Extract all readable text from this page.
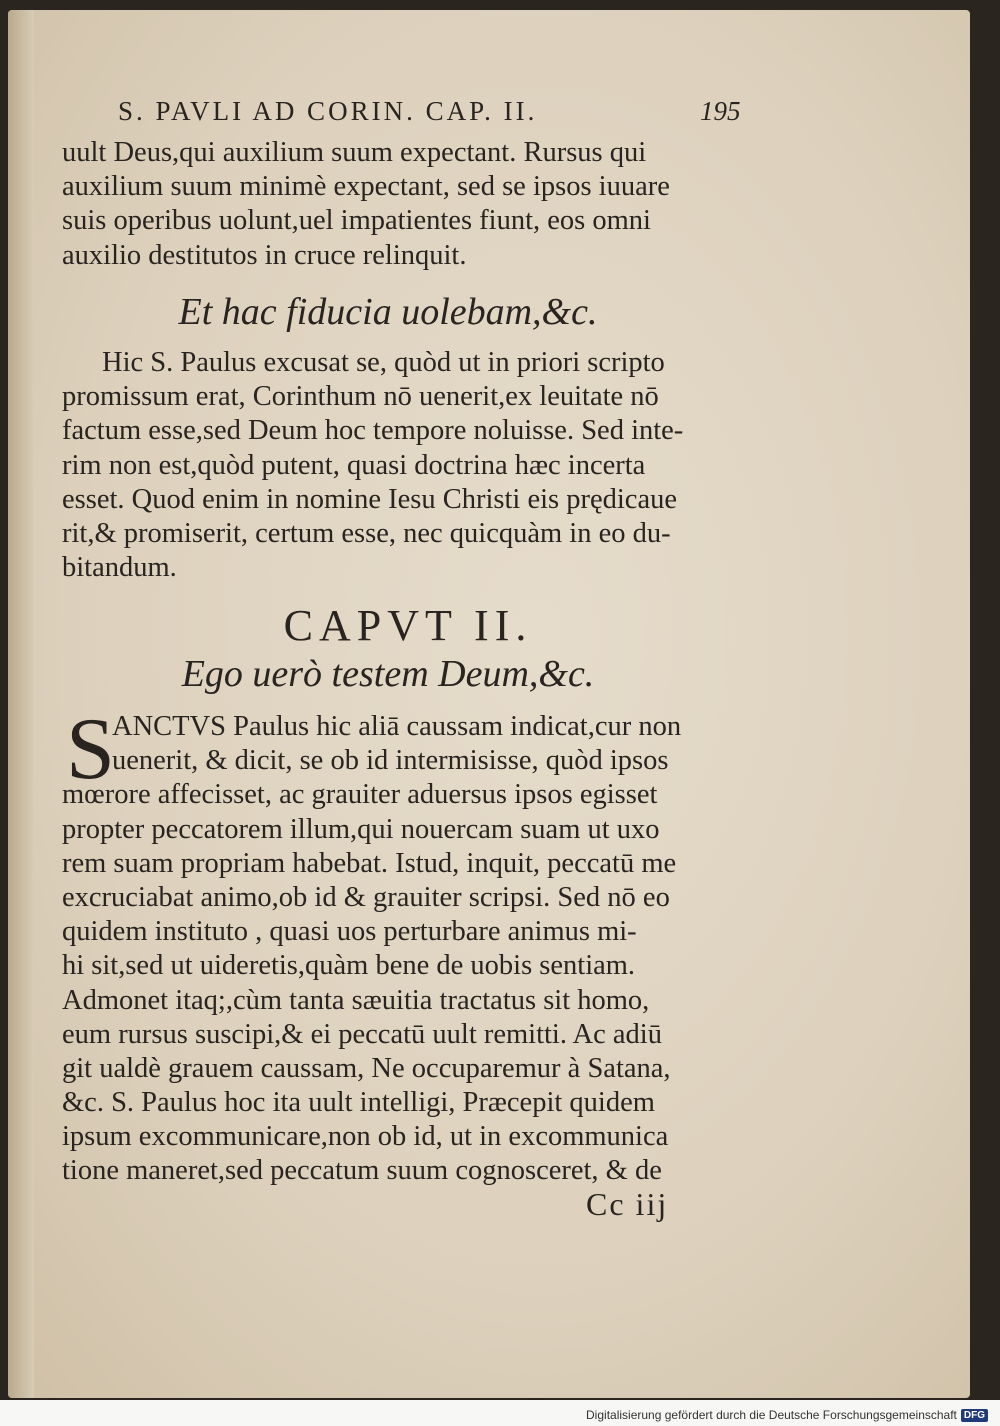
S. PAVLI AD CORIN. CAP. II.	195
uult Deus,qui auxilium suum expectant. Rursus qui
auxilium suum minimè expectant, sed se ipsos iuuare
suis operibus uolunt,uel impatientes fiunt, eos omni
auxilio destitutos in cruce relinquit.
Et hac fiducia uolebam,&c.
Hic S. Paulus excusat se, quòd ut in priori scripto
promissum erat, Corinthum nō uenerit,ex leuitate nō
factum esse,sed Deum hoc tempore noluisse. Sed inte-
rim non est,quòd putent, quasi doctrina hæc incerta
esset. Quod enim in nomine Iesu Christi eis prędicaue
rit,& promiserit, certum esse, nec quicquàm in eo du-
bitandum.
CAPVT II.
Ego uerò testem Deum,&c.
S
ANCTVS Paulus hic aliā caussam indicat,cur non
uenerit, & dicit, se ob id intermisisse, quòd ipsos
mœrore affecisset, ac grauiter aduersus ipsos egisset
propter peccatorem illum,qui nouercam suam ut uxo
rem suam propriam habebat. Istud, inquit, peccatū me
excruciabat animo,ob id & grauiter scripsi. Sed nō eo
quidem instituto , quasi uos perturbare animus mi-
hi sit,sed ut uideretis,quàm bene de uobis sentiam.
Admonet itaq;,cùm tanta sæuitia tractatus sit homo,
eum rursus suscipi,& ei peccatū uult remitti. Ac adiū
git ualdè grauem caussam, Ne occuparemur à Satana,
&c. S. Paulus hoc ita uult intelligi, Præcepit quidem
ipsum excommunicare,non ob id, ut in excommunica
tione maneret,sed peccatum suum cognosceret, & de
Cc iij
Digitalisierung gefördert durch die Deutsche Forschungsgemeinschaft DFG
